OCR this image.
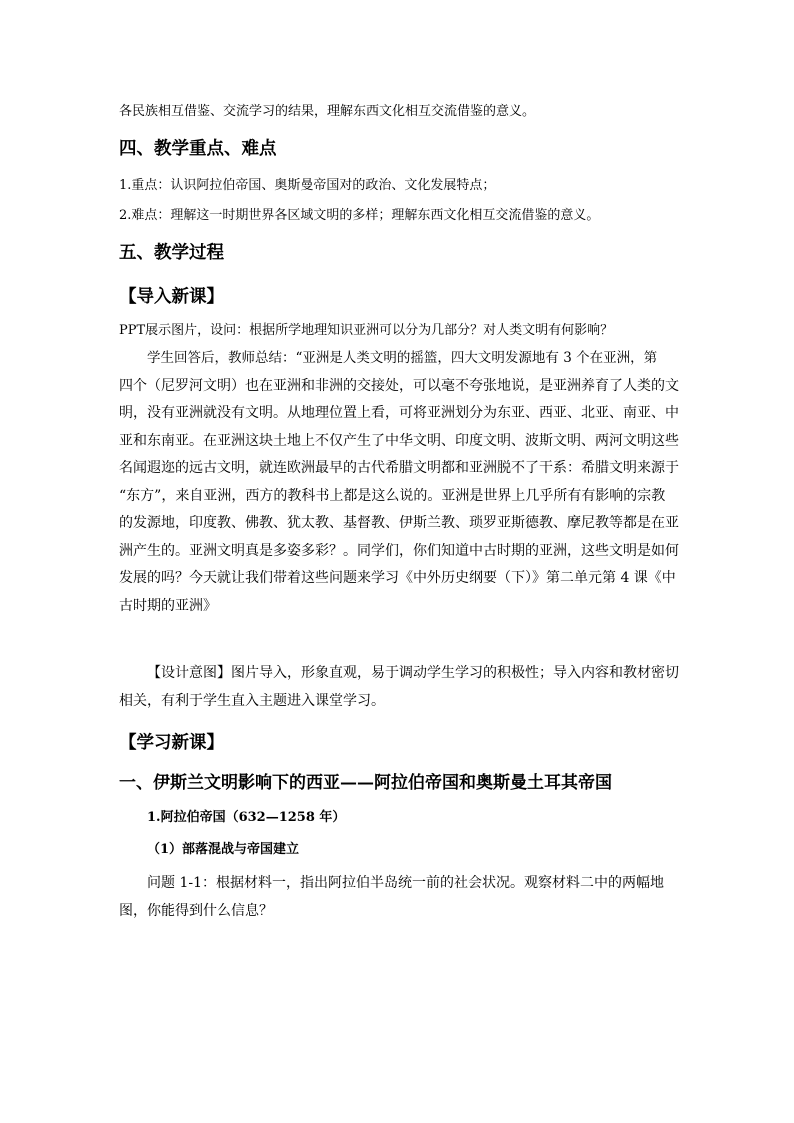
各民族相互借鉴、交流学习的结果，理解东西文化相互交流借鉴的意义。

四、教学重点、难点

1.重点：认识阿拉伯帝国、奥斯曼帝国对的政治、文化发展特点；

2.难点：理解这一时期世界各区域文明的多样；理解东西文化相互交流借鉴的意义。

五、教学过程

【导入新课】

PPT展示图片，设问：根据所学地理知识亚洲可以分为几部分？对人类文明有何影响？

学生回答后，教师总结：“亚洲是人类文明的摇篮，四大文明发源地有 3 个在亚洲，第
四个（尼罗河文明）也在亚洲和非洲的交接处，可以毫不夸张地说，是亚洲养育了人类的文
明，没有亚洲就没有文明。从地理位置上看，可将亚洲划分为东亚、西亚、北亚、南亚、中
亚和东南亚。在亚洲这块土地上不仅产生了中华文明、印度文明、波斯文明、两河文明这些
名闻遐迩的远古文明，就连欧洲最早的古代希腊文明都和亚洲脱不了干系：希腊文明来源于
“东方”，来自亚洲，西方的教科书上都是这么说的。亚洲是世界上几乎所有有影响的宗教
的发源地，印度教、佛教、犹太教、基督教、伊斯兰教、琐罗亚斯德教、摩尼教等都是在亚
洲产生的。亚洲文明真是多姿多彩？。同学们，你们知道中古时期的亚洲，这些文明是如何
发展的吗？今天就让我们带着这些问题来学习《中外历史纲要（下）》第二单元第 4 课《中
古时期的亚洲》
【设计意图】图片导入，形象直观，易于调动学生学习的积极性；导入内容和教材密切
相关，有利于学生直入主题进入课堂学习。

【学习新课】

一、伊斯兰文明影响下的西亚——阿拉伯帝国和奥斯曼土耳其帝国

1.阿拉伯帝国（632—1258 年）

（1）部落混战与帝国建立

问题 1-1：根据材料一，指出阿拉伯半岛统一前的社会状况。观察材料二中的两幅地
图，你能得到什么信息？
